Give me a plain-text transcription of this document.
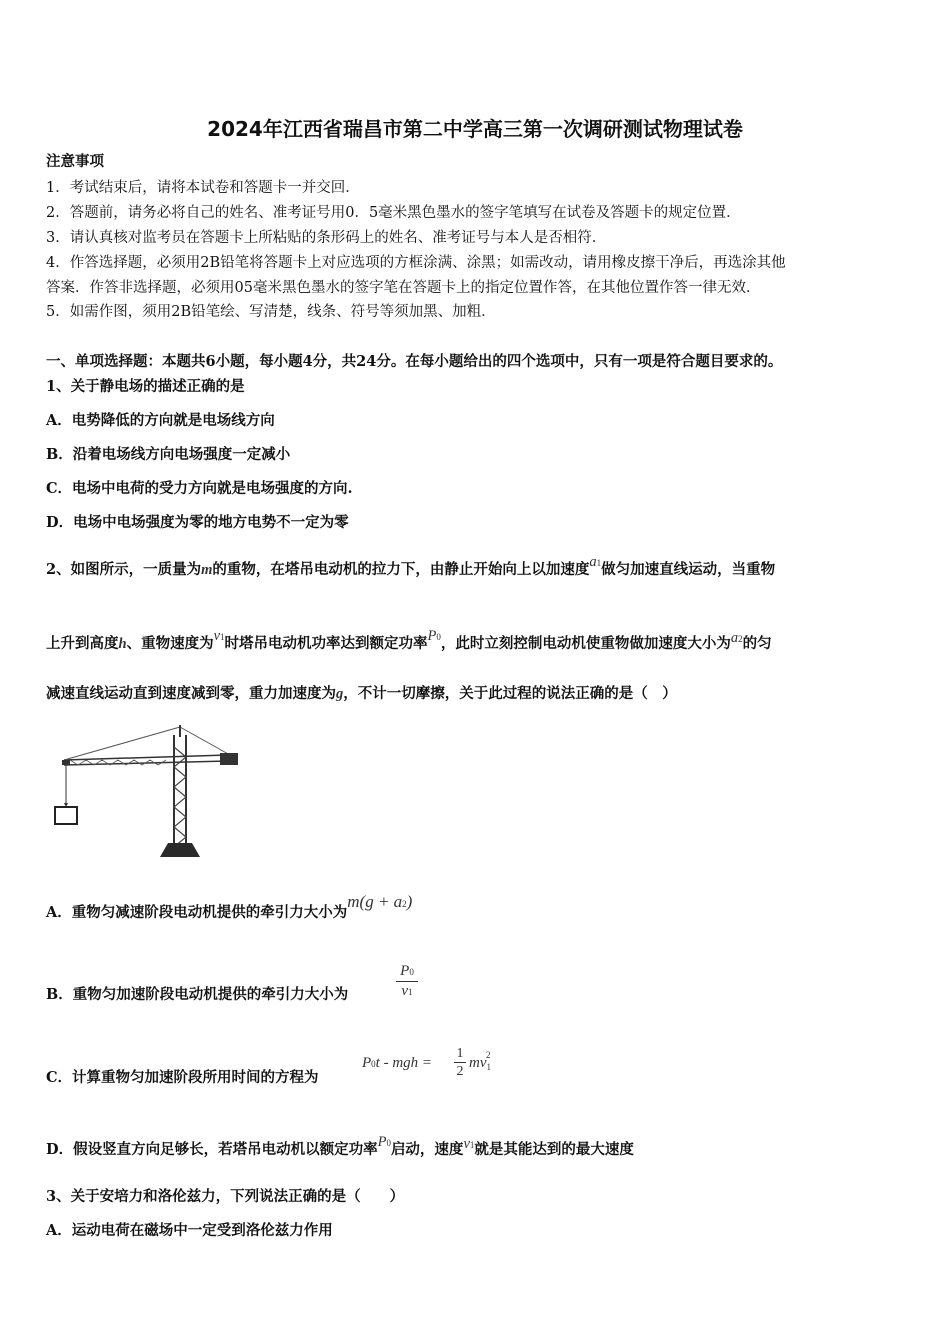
2024年江西省瑞昌市第二中学高三第一次调研测试物理试卷
注意事项
1．考试结束后，请将本试卷和答题卡一并交回．
2．答题前，请务必将自己的姓名、准考证号用0．5毫米黑色墨水的签字笔填写在试卷及答题卡的规定位置．
3．请认真核对监考员在答题卡上所粘贴的条形码上的姓名、准考证号与本人是否相符．
4．作答选择题，必须用2B铅笔将答题卡上对应选项的方框涂满、涂黑；如需改动，请用橡皮擦干净后，再选涂其他
答案．作答非选择题，必须用05毫米黑色墨水的签字笔在答题卡上的指定位置作答，在其他位置作答一律无效．
5．如需作图，须用2B铅笔绘、写清楚，线条、符号等须加黑、加粗．
一、单项选择题：本题共6小题，每小题4分，共24分。在每小题给出的四个选项中，只有一项是符合题目要求的。
1、关于静电场的描述正确的是
A．电势降低的方向就是电场线方向
B．沿着电场线方向电场强度一定减小
C．电场中电荷的受力方向就是电场强度的方向.
D．电场中电场强度为零的地方电势不一定为零
2、如图所示，一质量为m的重物，在塔吊电动机的拉力下，由静止开始向上以加速度a1做匀加速直线运动，当重物
上升到高度h、重物速度为v1时塔吊电动机功率达到额定功率P0，此时立刻控制电动机使重物做加速度大小为a2的匀
减速直线运动直到速度减到零，重力加速度为g，不计一切摩擦，关于此过程的说法正确的是（　）
A．重物匀减速阶段电动机提供的牵引力大小为m(g + a2)
B．重物匀加速阶段电动机提供的牵引力大小为
P0
v1
C．计算重物匀加速阶段所用时间的方程为
P0t - mgh =
1
2
$mv_1^2$
D．假设竖直方向足够长，若塔吊电动机以额定功率P0启动，速度v1就是其能达到的最大速度
3、关于安培力和洛伦兹力，下列说法正确的是（　　）
A．运动电荷在磁场中一定受到洛伦兹力作用
